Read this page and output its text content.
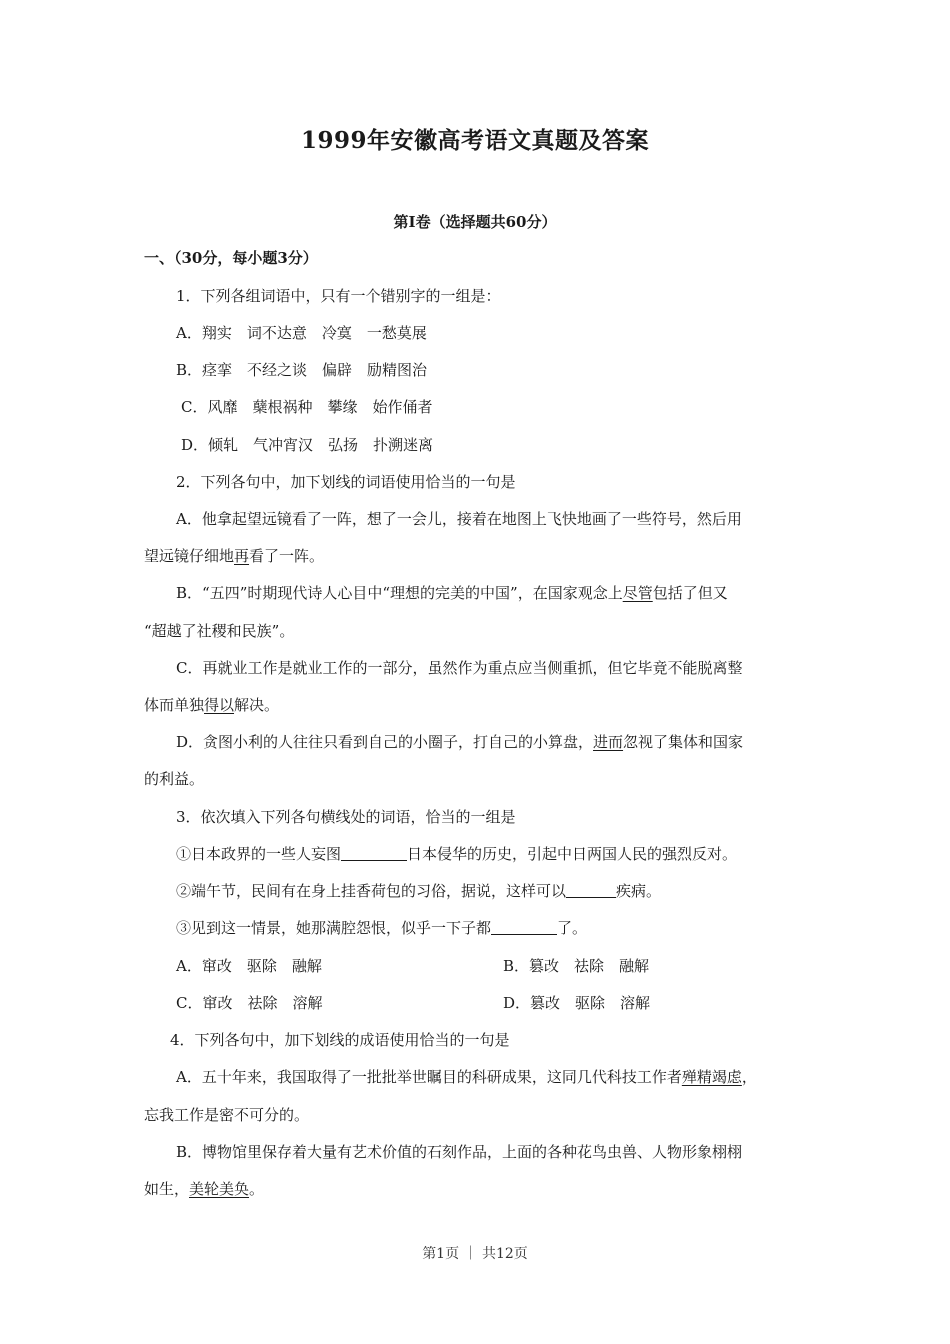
1999年安徽高考语文真题及答案
第Ⅰ卷（选择题共60分）
一、（30分，每小题3分）
1．下列各组词语中，只有一个错别字的一组是：
A．翔实　词不达意　冷寞　一愁莫展
B．痉挛　不经之谈　偏辟　励精图治
C．风靡　蘖根祸种　攀缘　始作俑者
D．倾轧　气冲宵汉　弘扬　扑溯迷离
2．下列各句中，加下划线的词语使用恰当的一句是
A．他拿起望远镜看了一阵，想了一会儿，接着在地图上飞快地画了一些符号，然后用
望远镜仔细地再看了一阵。
B．“五四”时期现代诗人心目中“理想的完美的中国”，在国家观念上尽管包括了但又
“超越了社稷和民族”。
C．再就业工作是就业工作的一部分，虽然作为重点应当侧重抓，但它毕竟不能脱离整
体而单独得以解决。
D．贪图小利的人往往只看到自己的小圈子，打自己的小算盘，进而忽视了集体和国家
的利益。
3．依次填入下列各句横线处的词语，恰当的一组是
①日本政界的一些人妄图	日本侵华的历史，引起中日两国人民的强烈反对。
②端午节，民间有在身上挂香荷包的习俗，据说，这样可以	疾病。
③见到这一情景，她那满腔怨恨，似乎一下子都	了。
A．窜改　驱除　融解	B．篡改　祛除　融解
C．窜改　祛除　溶解	D．篡改　驱除　溶解
4．下列各句中，加下划线的成语使用恰当的一句是
A．五十年来，我国取得了一批批举世瞩目的科研成果，这同几代科技工作者殚精竭虑，
忘我工作是密不可分的。
B．博物馆里保存着大量有艺术价值的石刻作品，上面的各种花鸟虫兽、人物形象栩栩
如生，美轮美奂。
第1页 ｜ 共12页
